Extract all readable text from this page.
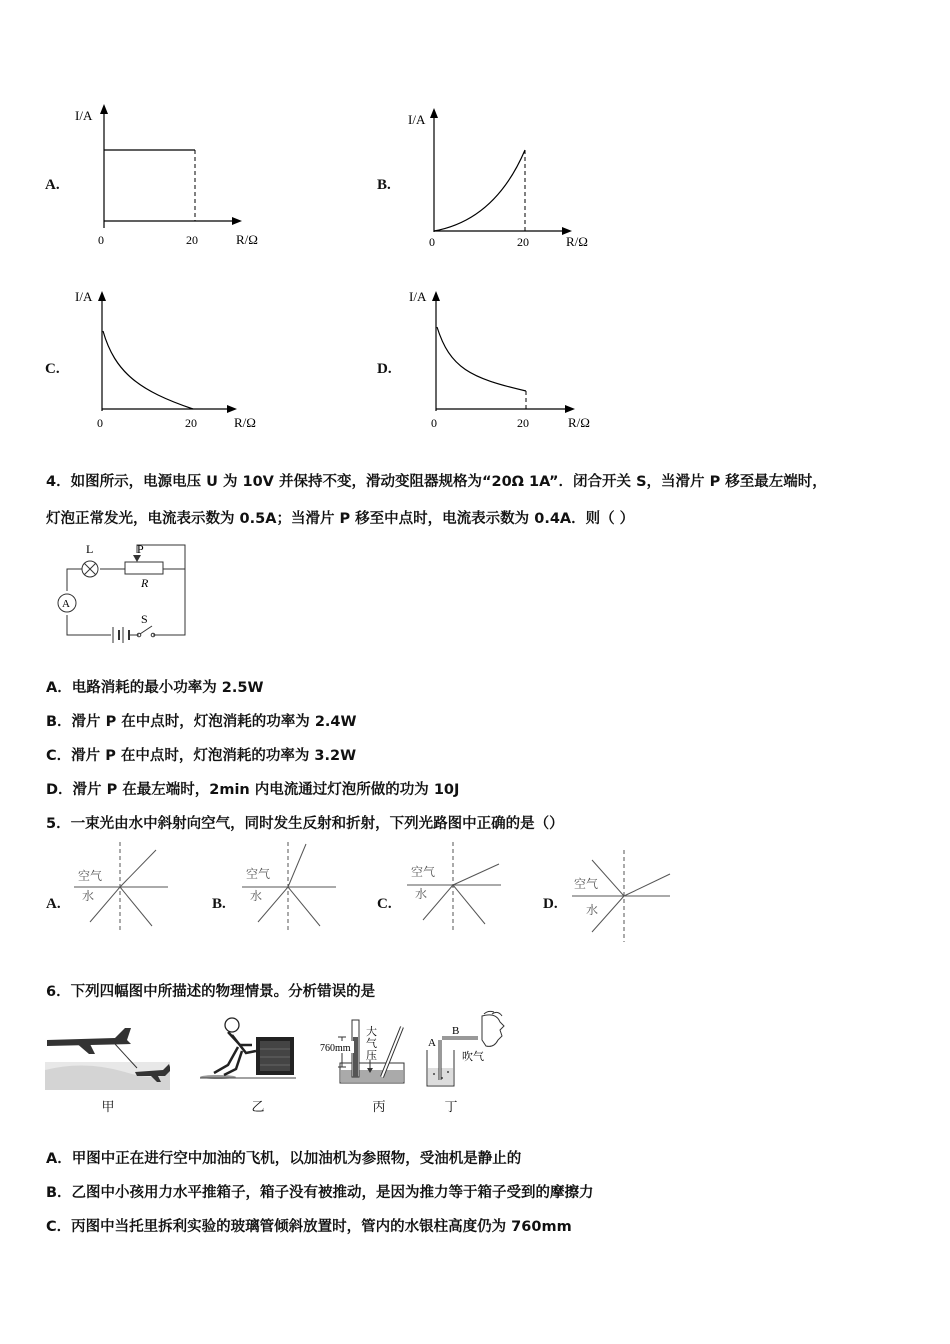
A.
I/A
0	20	R/Ω
B.
I/A
0	20	R/Ω
C.
I/A
0	20	R/Ω
D.
I/A
0	20	R/Ω
4．如图所示，电源电压 U 为 10V 并保持不变，滑动变阻器规格为“20Ω 1A”．闭合开关 S，当滑片 P 移至最左端时，
灯泡正常发光，电流表示数为 0.5A；当滑片 P 移至中点时，电流表示数为 0.4A．则（ ）
L	P
R
A
S
A．电路消耗的最小功率为 2.5W
B．滑片 P 在中点时，灯泡消耗的功率为 2.4W
C．滑片 P 在中点时，灯泡消耗的功率为 3.2W
D．滑片 P 在最左端时，2min 内电流通过灯泡所做的功为 10J
5．一束光由水中斜射向空气，同时发生反射和折射，下列光路图中正确的是（）
A.
空气
水	B.
空气
水	C.
空气
水
D.
空气
水
6．下列四幅图中所描述的物理情景。分析错误的是
甲	乙
760mm
大
气
压
丙
A
B
吹气
丁
A．甲图中正在进行空中加油的飞机，以加油机为参照物，受油机是静止的
B．乙图中小孩用力水平推箱子，箱子没有被推动，是因为推力等于箱子受到的摩擦力
C．丙图中当托里拆利实验的玻璃管倾斜放置时，管内的水银柱高度仍为 760mm
